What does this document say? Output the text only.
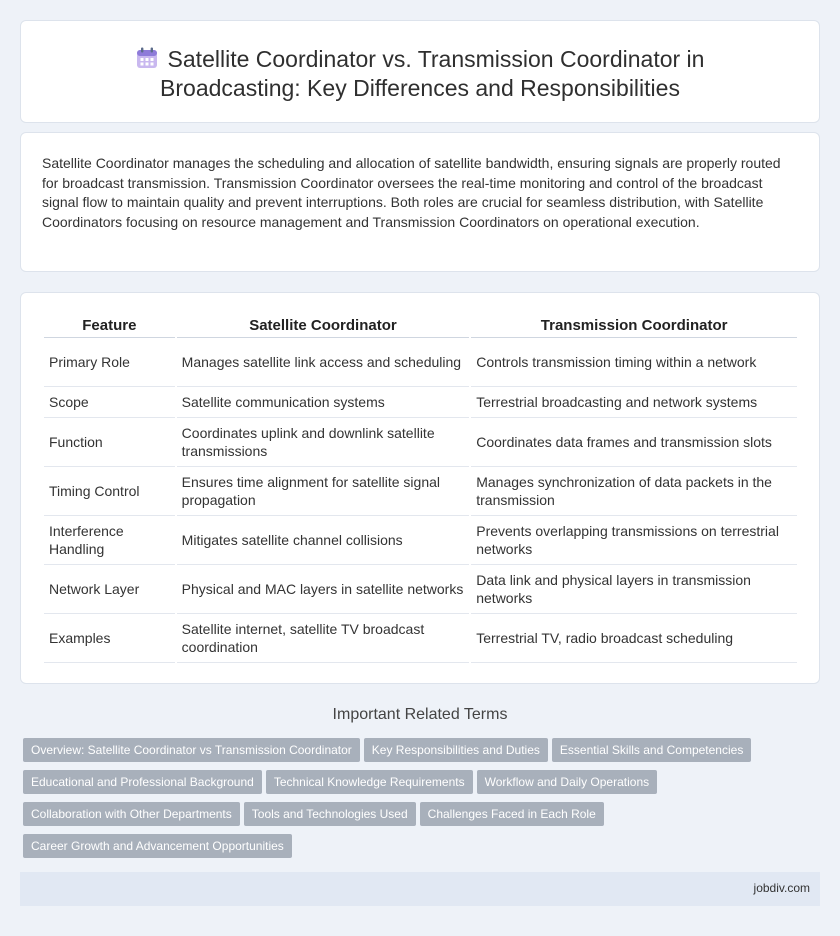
Satellite Coordinator vs. Transmission Coordinator in
Broadcasting: Key Differences and Responsibilities
Satellite Coordinator manages the scheduling and allocation of satellite bandwidth, ensuring signals are properly routed for broadcast transmission. Transmission Coordinator oversees the real-time monitoring and control of the broadcast signal flow to maintain quality and prevent interruptions. Both roles are crucial for seamless distribution, with Satellite Coordinators focusing on resource management and Transmission Coordinators on operational execution.
Feature	Satellite Coordinator	Transmission Coordinator
Primary Role	Manages satellite link access and scheduling	Controls transmission timing within a network
Scope	Satellite communication systems	Terrestrial broadcasting and network systems
Function	Coordinates uplink and downlink satellite transmissions	Coordinates data frames and transmission slots
Timing Control	Ensures time alignment for satellite signal propagation	Manages synchronization of data packets in the transmission
Interference Handling	Mitigates satellite channel collisions	Prevents overlapping transmissions on terrestrial networks
Network Layer	Physical and MAC layers in satellite networks	Data link and physical layers in transmission networks
Examples	Satellite internet, satellite TV broadcast coordination	Terrestrial TV, radio broadcast scheduling
Important Related Terms
Overview: Satellite Coordinator vs Transmission Coordinator Key Responsibilities and Duties Essential Skills and Competencies
Educational and Professional Background Technical Knowledge Requirements Workflow and Daily Operations
Collaboration with Other Departments Tools and Technologies Used Challenges Faced in Each Role
Career Growth and Advancement Opportunities
jobdiv.com
